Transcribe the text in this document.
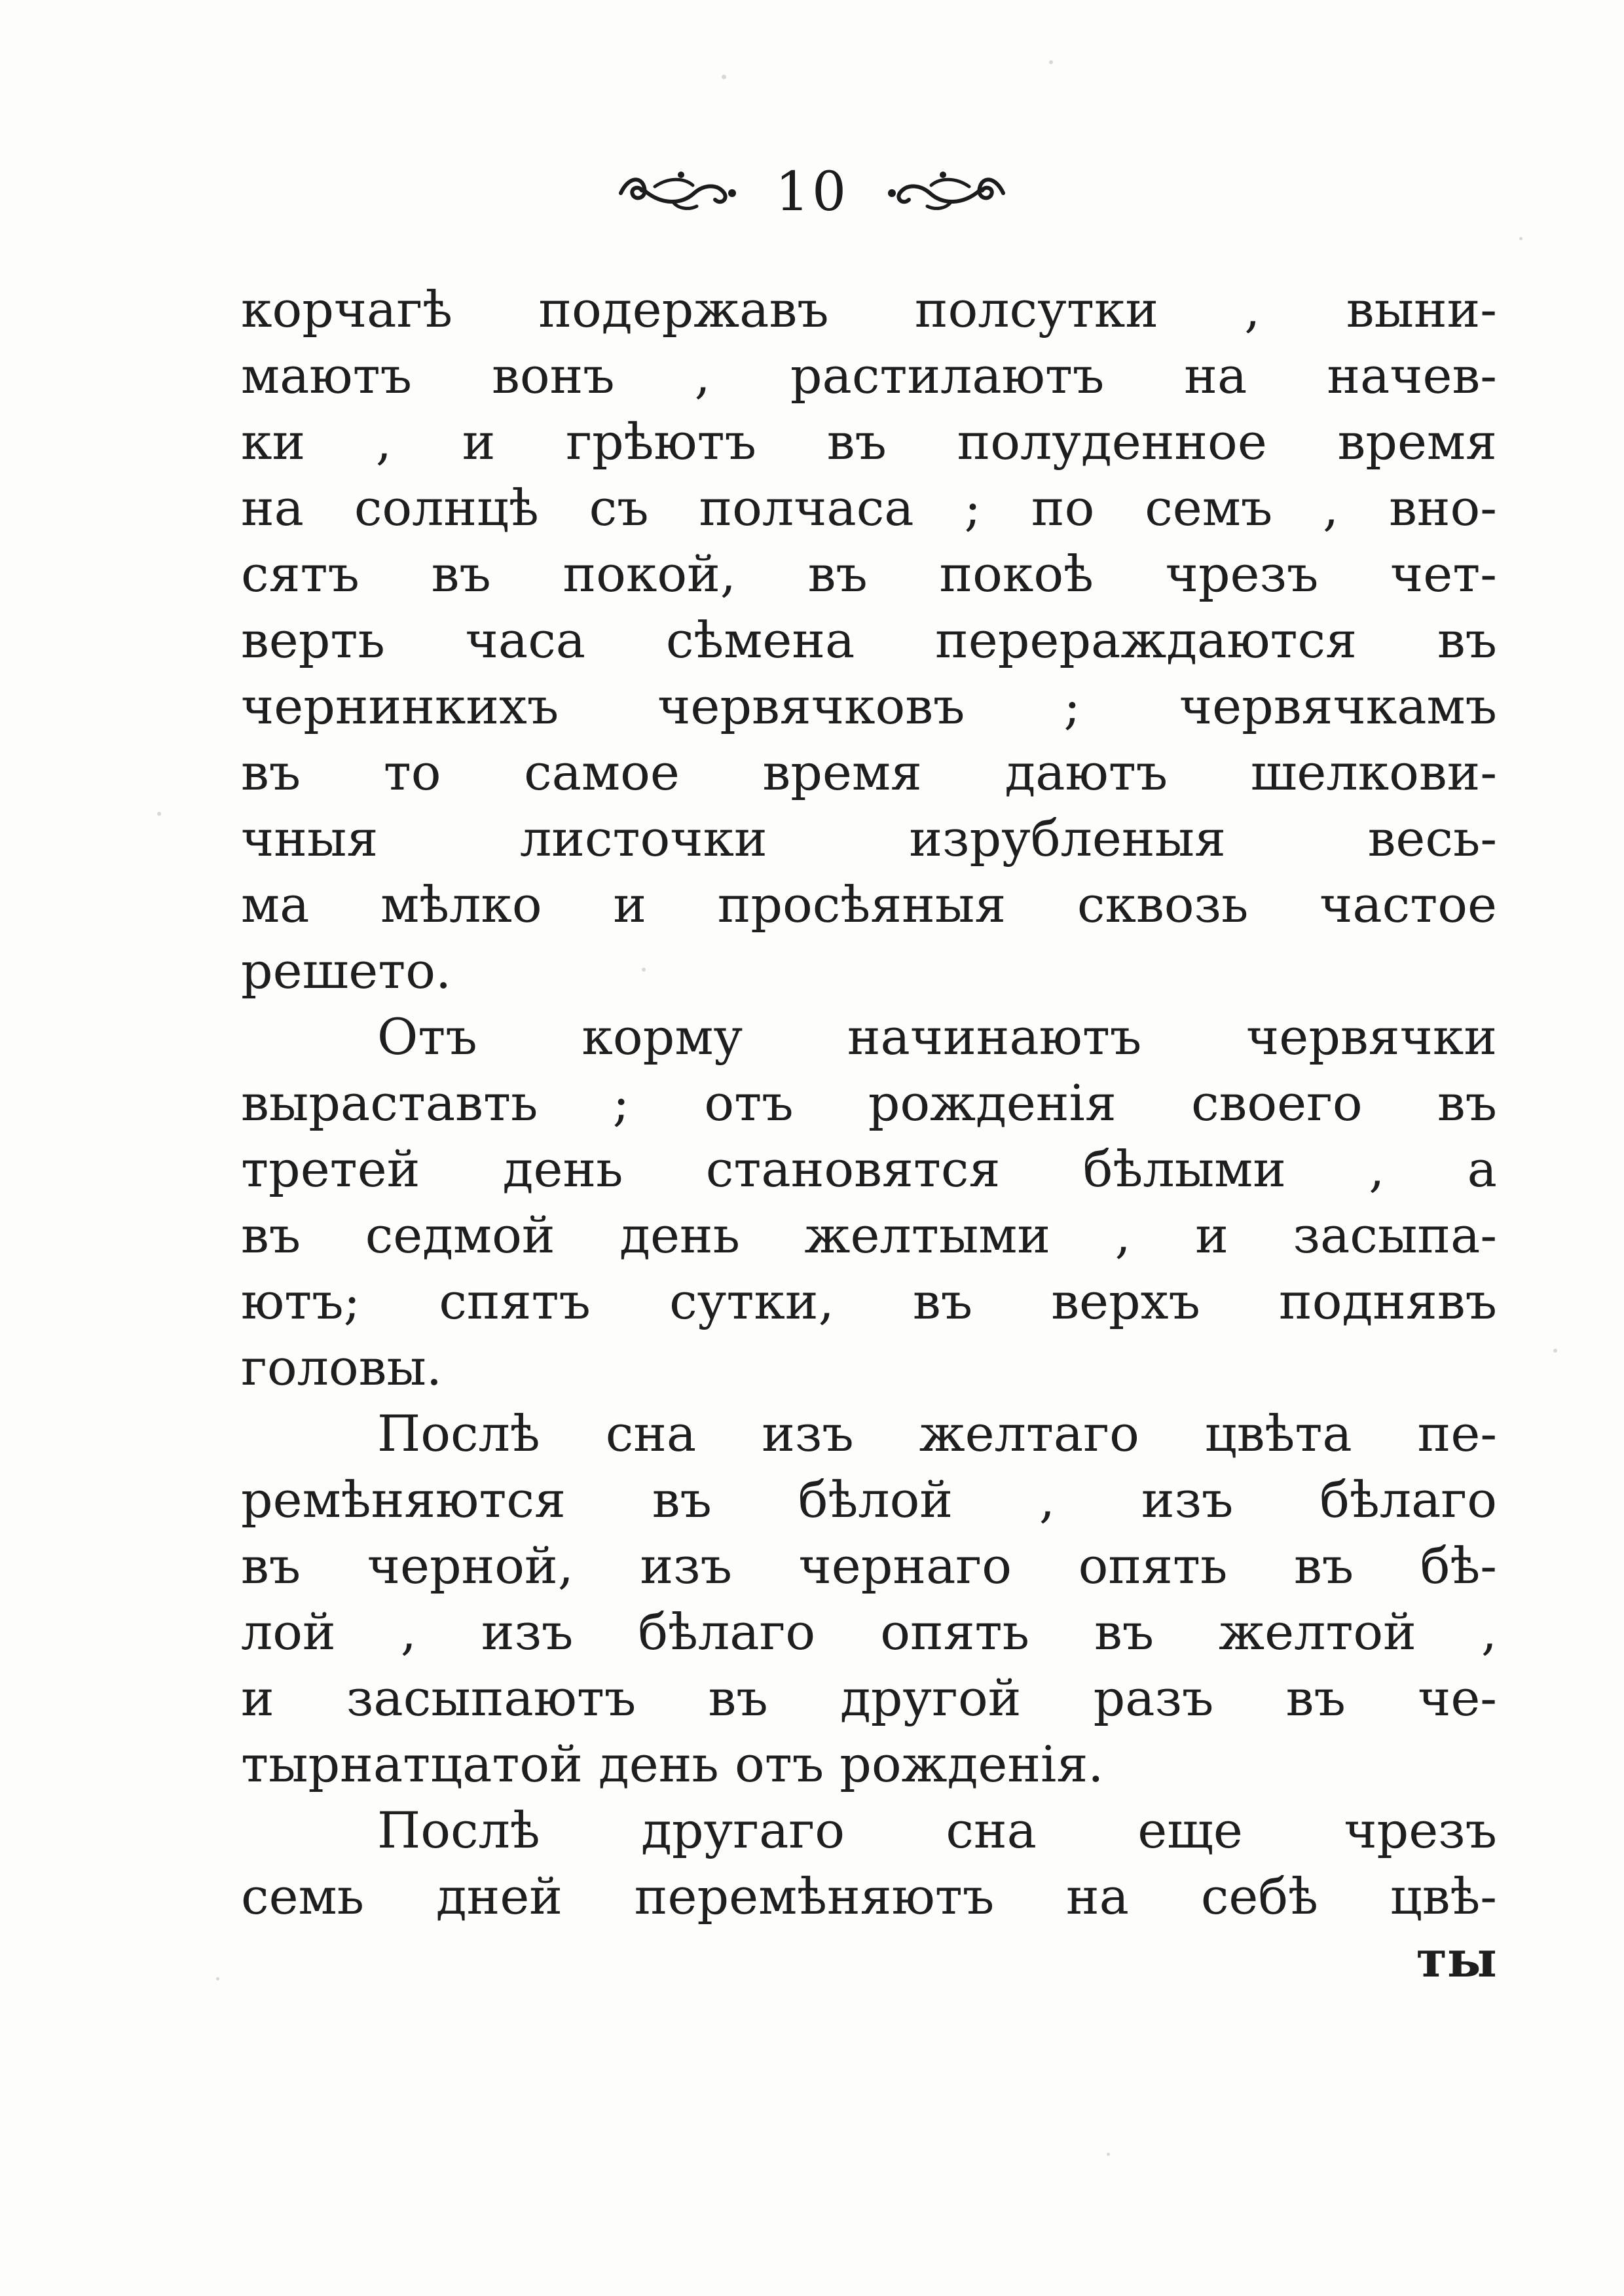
10
корчагѣ подержавъ полсутки , выни-
маютъ вонъ , растилаютъ на начев-
ки , и грѣютъ въ полуденное время
на солнцѣ съ полчаса ; по семъ , вно-
сятъ въ покой, въ покоѣ чрезъ чет-
верть часа сѣмена перераждаются въ
чернинкихъ червячковъ ; червячкамъ
въ то самое время даютъ шелкови-
чныя листочки изрубленыя весь-
ма мѣлко и просѣяныя сквозь частое
решето.
Отъ корму начинаютъ червячки
выраставть ; отъ рожденія своего въ
третей день становятся бѣлыми , а
въ седмой день желтыми , и засыпа-
ютъ; спятъ сутки, въ верхъ поднявъ
головы.
Послѣ сна изъ желтаго цвѣта пе-
ремѣняются въ бѣлой , изъ бѣлаго
въ черной, изъ чернаго опять въ бѣ-
лой , изъ бѣлаго опять въ желтой ,
и засыпаютъ въ другой разъ въ че-
тырнатцатой день отъ рожденія.
Послѣ другаго сна еще чрезъ
семь дней перемѣняютъ на себѣ цвѣ-
ты
